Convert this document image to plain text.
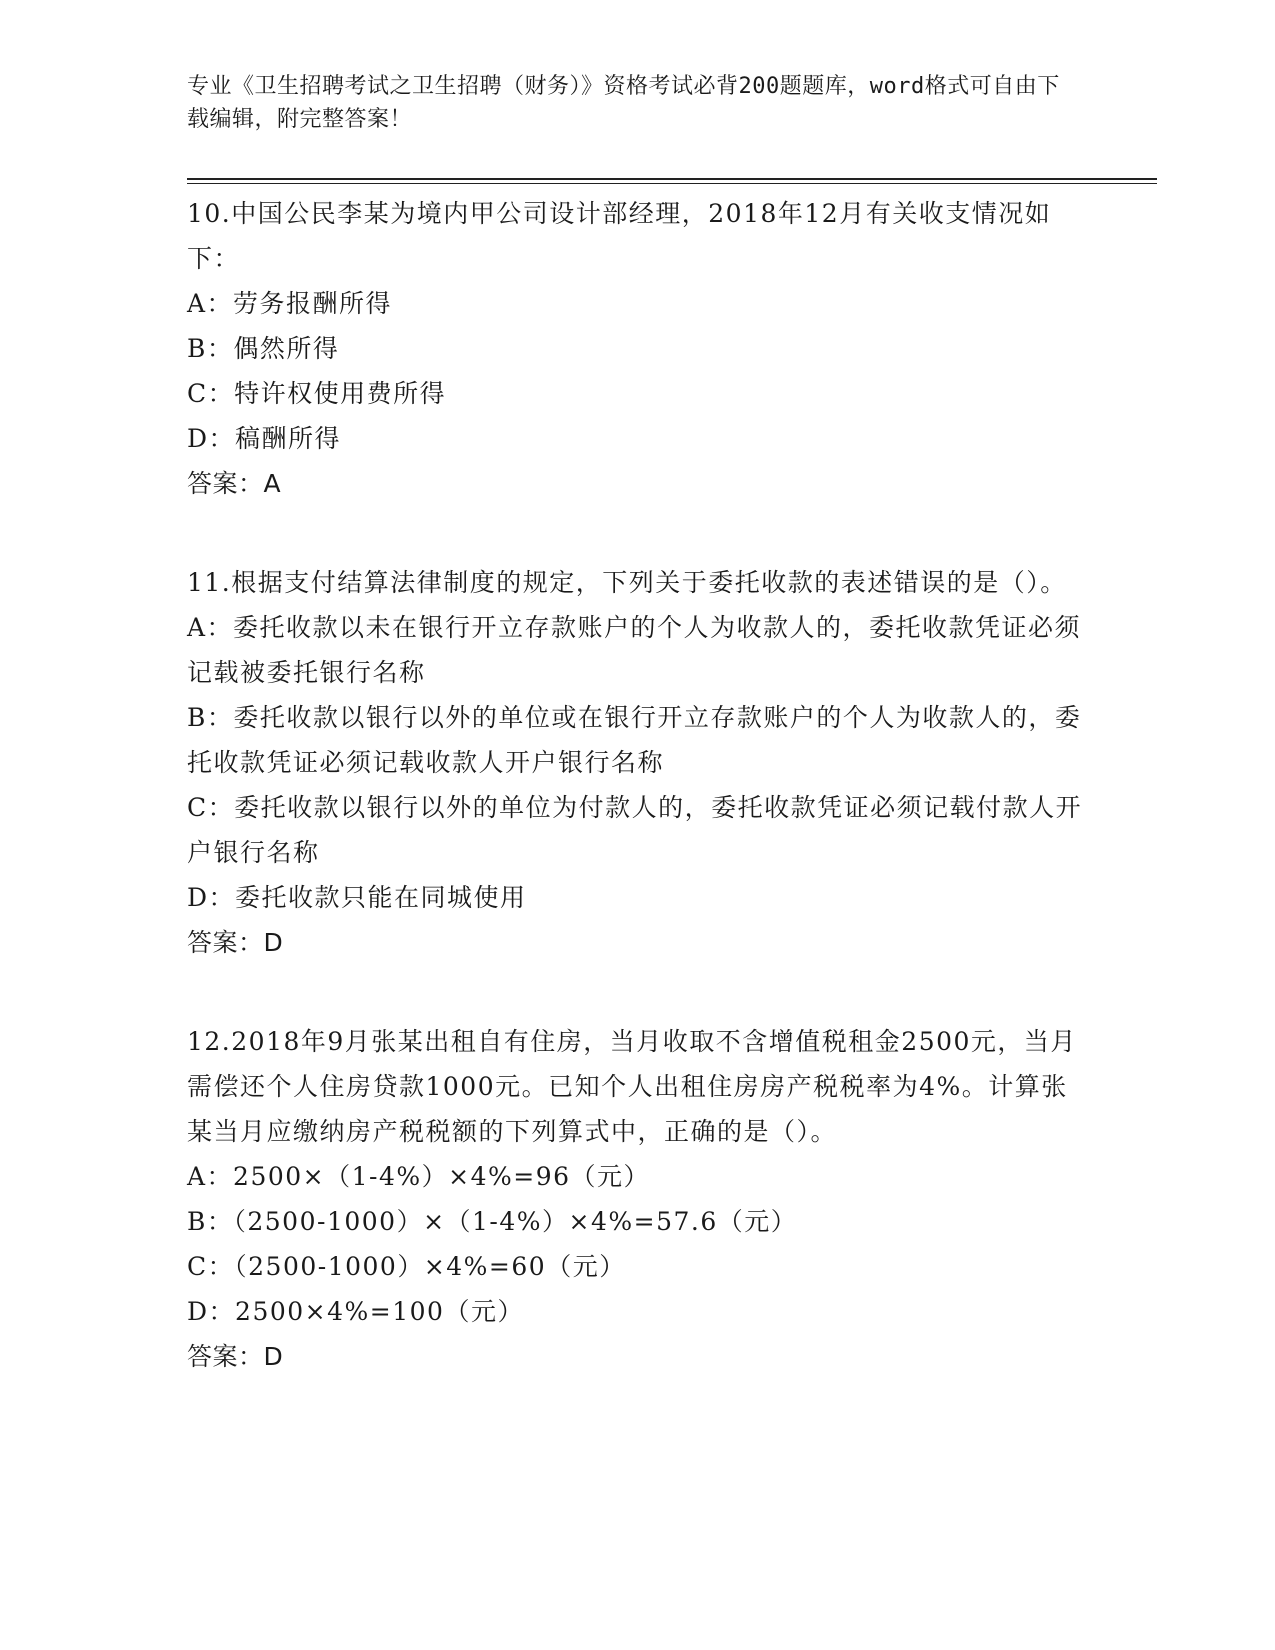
专业《卫生招聘考试之卫生招聘（财务）》资格考试必背200题题库，word格式可自由下载编辑，附完整答案！

10.中国公民李某为境内甲公司设计部经理，2018年12月有关收支情况如下：

A：劳务报酬所得

B：偶然所得

C：特许权使用费所得

D：稿酬所得

答案：A

11.根据支付结算法律制度的规定，下列关于委托收款的表述错误的是（）。

A：委托收款以未在银行开立存款账户的个人为收款人的，委托收款凭证必须记载被委托银行名称

B：委托收款以银行以外的单位或在银行开立存款账户的个人为收款人的，委托收款凭证必须记载收款人开户银行名称

C：委托收款以银行以外的单位为付款人的，委托收款凭证必须记载付款人开户银行名称

D：委托收款只能在同城使用

答案：D

12.2018年9月张某出租自有住房，当月收取不含增值税租金2500元，当月需偿还个人住房贷款1000元。已知个人出租住房房产税税率为4%。计算张某当月应缴纳房产税税额的下列算式中，正确的是（）。

A：2500×（1-4%）×4%=96（元）

B：（2500-1000）×（1-4%）×4%=57.6（元）

C：（2500-1000）×4%=60（元）

D：2500×4%=100（元）

答案：D
